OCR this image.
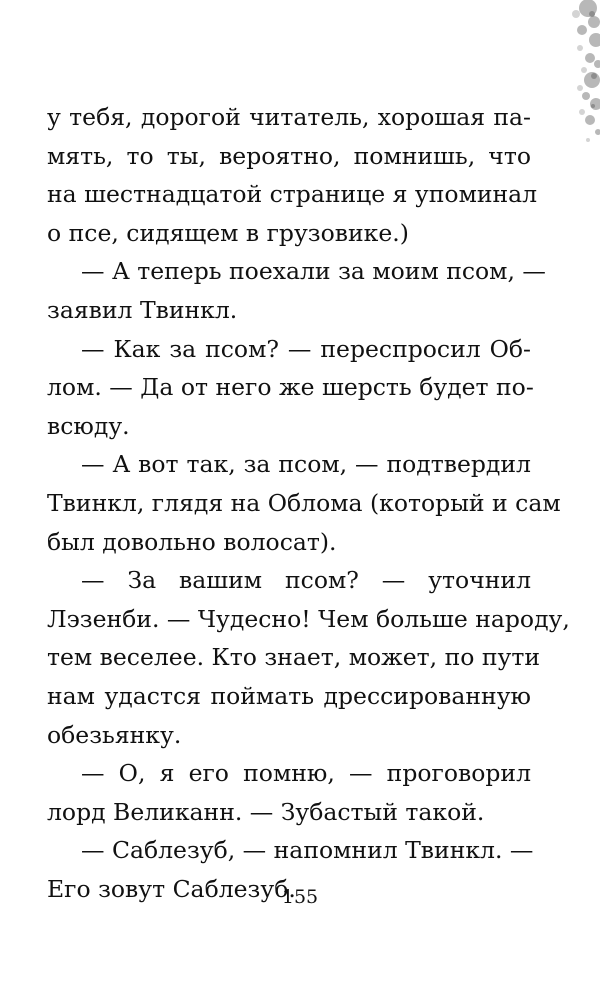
у тебя, дорогой читатель, хорошая па-
мять, то ты, вероятно, помнишь, что
на шестнадцатой странице я упоминал
о псе, сидящем в грузовике.)
— А теперь поехали за моим псом, —
заявил Твинкл.
— Как за псом? — переспросил Об-
лом. — Да от него же шерсть будет по-
всюду.
— А вот так, за псом, — подтвердил
Твинкл, глядя на Облома (который и сам
был довольно волосат).
— За вашим псом? — уточнил
Лэзенби. — Чудесно! Чем больше народу,
тем веселее. Кто знает, может, по пути
нам удастся поймать дрессированную
обезьянку.
— О, я его помню, — проговорил
лорд Великанн. — Зубастый такой.
— Саблезуб, — напомнил Твинкл. —
Его зовут Саблезуб.
155
